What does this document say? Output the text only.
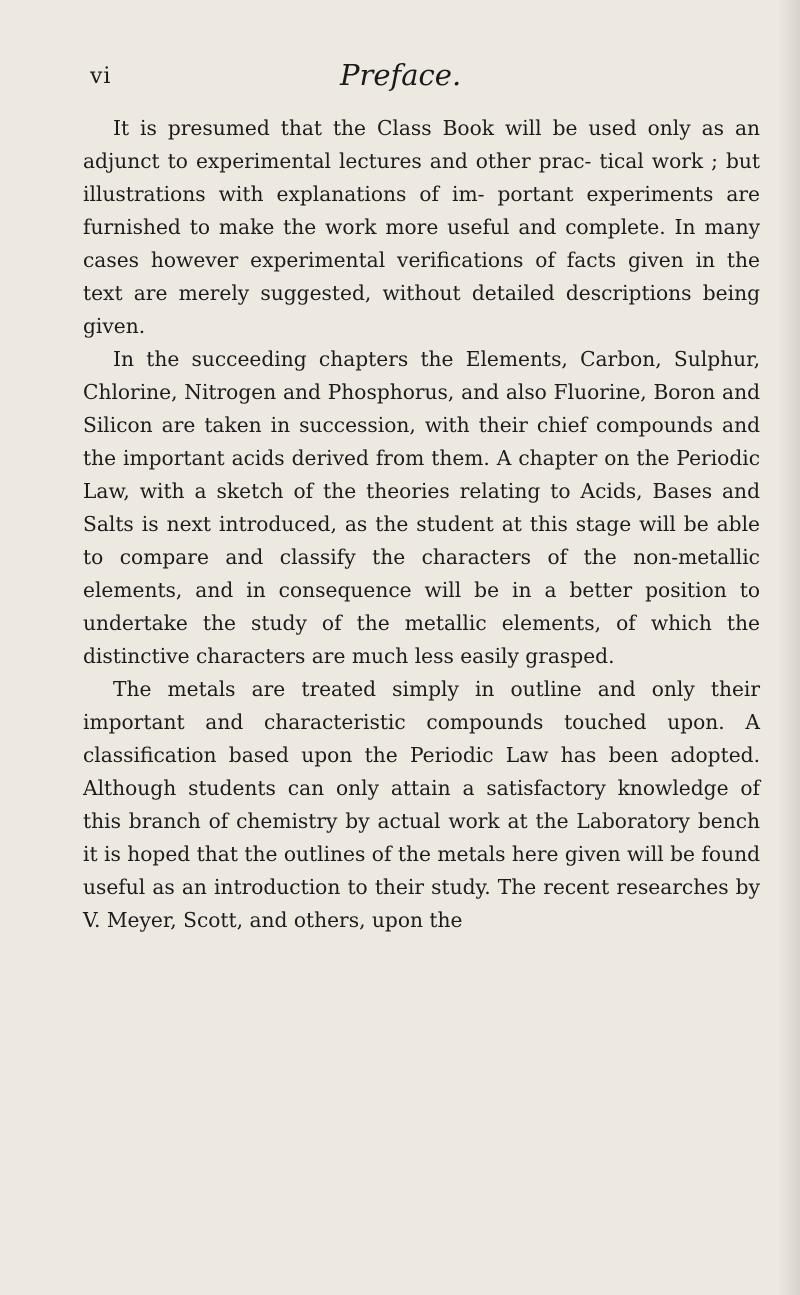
vi	Preface.

It is presumed that the Class Book will be used only as an adjunct to experimental lectures and other prac- tical work ; but illustrations with explanations of im- portant experiments are furnished to make the work more useful and complete. In many cases however experimental verifications of facts given in the text are merely suggested, without detailed descriptions being given.

In the succeeding chapters the Elements, Carbon, Sulphur, Chlorine, Nitrogen and Phosphorus, and also Fluorine, Boron and Silicon are taken in succession, with their chief compounds and the important acids derived from them. A chapter on the Periodic Law, with a sketch of the theories relating to Acids, Bases and Salts is next introduced, as the student at this stage will be able to compare and classify the characters of the non-metallic elements, and in consequence will be in a better position to undertake the study of the metallic elements, of which the distinctive characters are much less easily grasped.

The metals are treated simply in outline and only their important and characteristic compounds touched upon. A classification based upon the Periodic Law has been adopted. Although students can only attain a satisfactory knowledge of this branch of chemistry by actual work at the Laboratory bench it is hoped that the outlines of the metals here given will be found useful as an introduction to their study. The recent researches by V. Meyer, Scott, and others, upon the
